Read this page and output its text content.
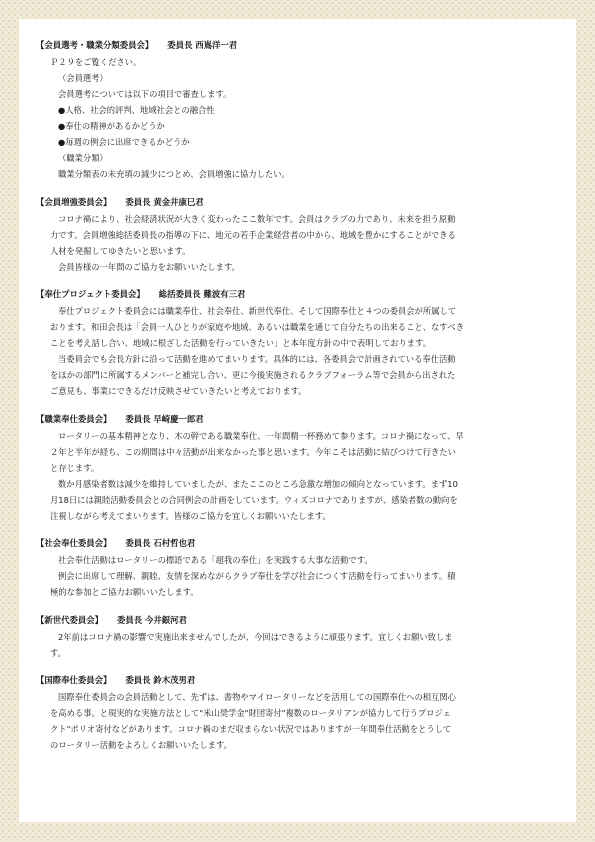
【会員選考・職業分類委員会】 委員長 西嶌洋一君
Ｐ２９をご覧ください。
（会員選考）
会員選考については以下の項目で審査します。
●人格、社会的評判、地域社会との融合性
●奉仕の精神があるかどうか
●毎週の例会に出席できるかどうか
（職業分類）
職業分類表の未充填の減少につとめ、会員増強に協力したい。
【会員増強委員会】 委員長 黄金井康巳君
コロナ禍により、社会経済状況が大きく変わったここ数年です。会員はクラブの力であり、未来を担う原動
力です。会員増強総括委員長の指導の下に、地元の若手企業経営者の中から、地域を豊かにすることができる
人材を発掘してゆきたいと思います。
会員皆様の一年間のご協力をお願いいたします。
【奉仕プロジェクト委員会】 総括委員長 難波有三君
奉仕プロジェクト委員会には職業奉仕、社会奉仕、新世代奉仕、そして国際奉仕と４つの委員会が所属して
おります。和田会長は「会員一人ひとりが家庭や地域、あるいは職業を通じて自分たちの出来ること、なすべき
ことを考え話し合い、地域に根ざした活動を行っていきたい」と本年度方針の中で表明しております。
当委員会でも会長方針に沿って活動を進めてまいります。具体的には、各委員会で計画されている奉仕活動
をほかの部門に所属するメンバーと補完し合い、更に今後実施されるクラブフォーラム等で会員から出された
ご意見も、事業にできるだけ反映させていきたいと考えております。
【職業奉仕委員会】 委員長 早崎慶一郎君
ロータリーの基本精神となり、木の幹である職業奉仕、一年間精一杯務めて参ります。コロナ禍になって、早
２年と半年が経ち、この期間は中々活動が出来なかった事と思います。今年こそは活動に結びつけて行きたい
と存じます。
数か月感染者数は減少を維持していましたが、またここのところ急激な増加の傾向となっています。まず10
月18日には親睦活動委員会との合同例会の計画をしています。ウィズコロナでありますが、感染者数の動向を
注視しながら考えてまいります。皆様のご協力を宜しくお願いいたします。
【社会奉仕委員会】 委員長 石村哲也君
社会奉仕活動はロータリーの標語である「超我の奉仕」を実践する大事な活動です。
例会に出席して理解、親睦、友情を深めながらクラブ奉仕を学び社会につくす活動を行ってまいります。積
極的な参加とご協力お願いいたします。
【新世代委員会】 委員長 今井銀河君
2年前はコロナ禍の影響で実施出来ませんでしたが、今回はできるように頑張ります。宜しくお願い致しま
す。
【国際奉仕委員会】 委員長 鈴木茂男君
国際奉仕委員会の会員活動として、先ずは、書物やマイロータリーなどを活用しての国際奉仕への相互関心
を高める事。と現実的な実施方法として"米山奨学金"財団寄付"複数のロータリアンが協力して行うプロジェ
クト"ポリオ寄付などがあります。コロナ禍のまだ収まらない状況ではありますが一年間奉仕活動をとうして
のロータリー活動をよろしくお願いいたします。
